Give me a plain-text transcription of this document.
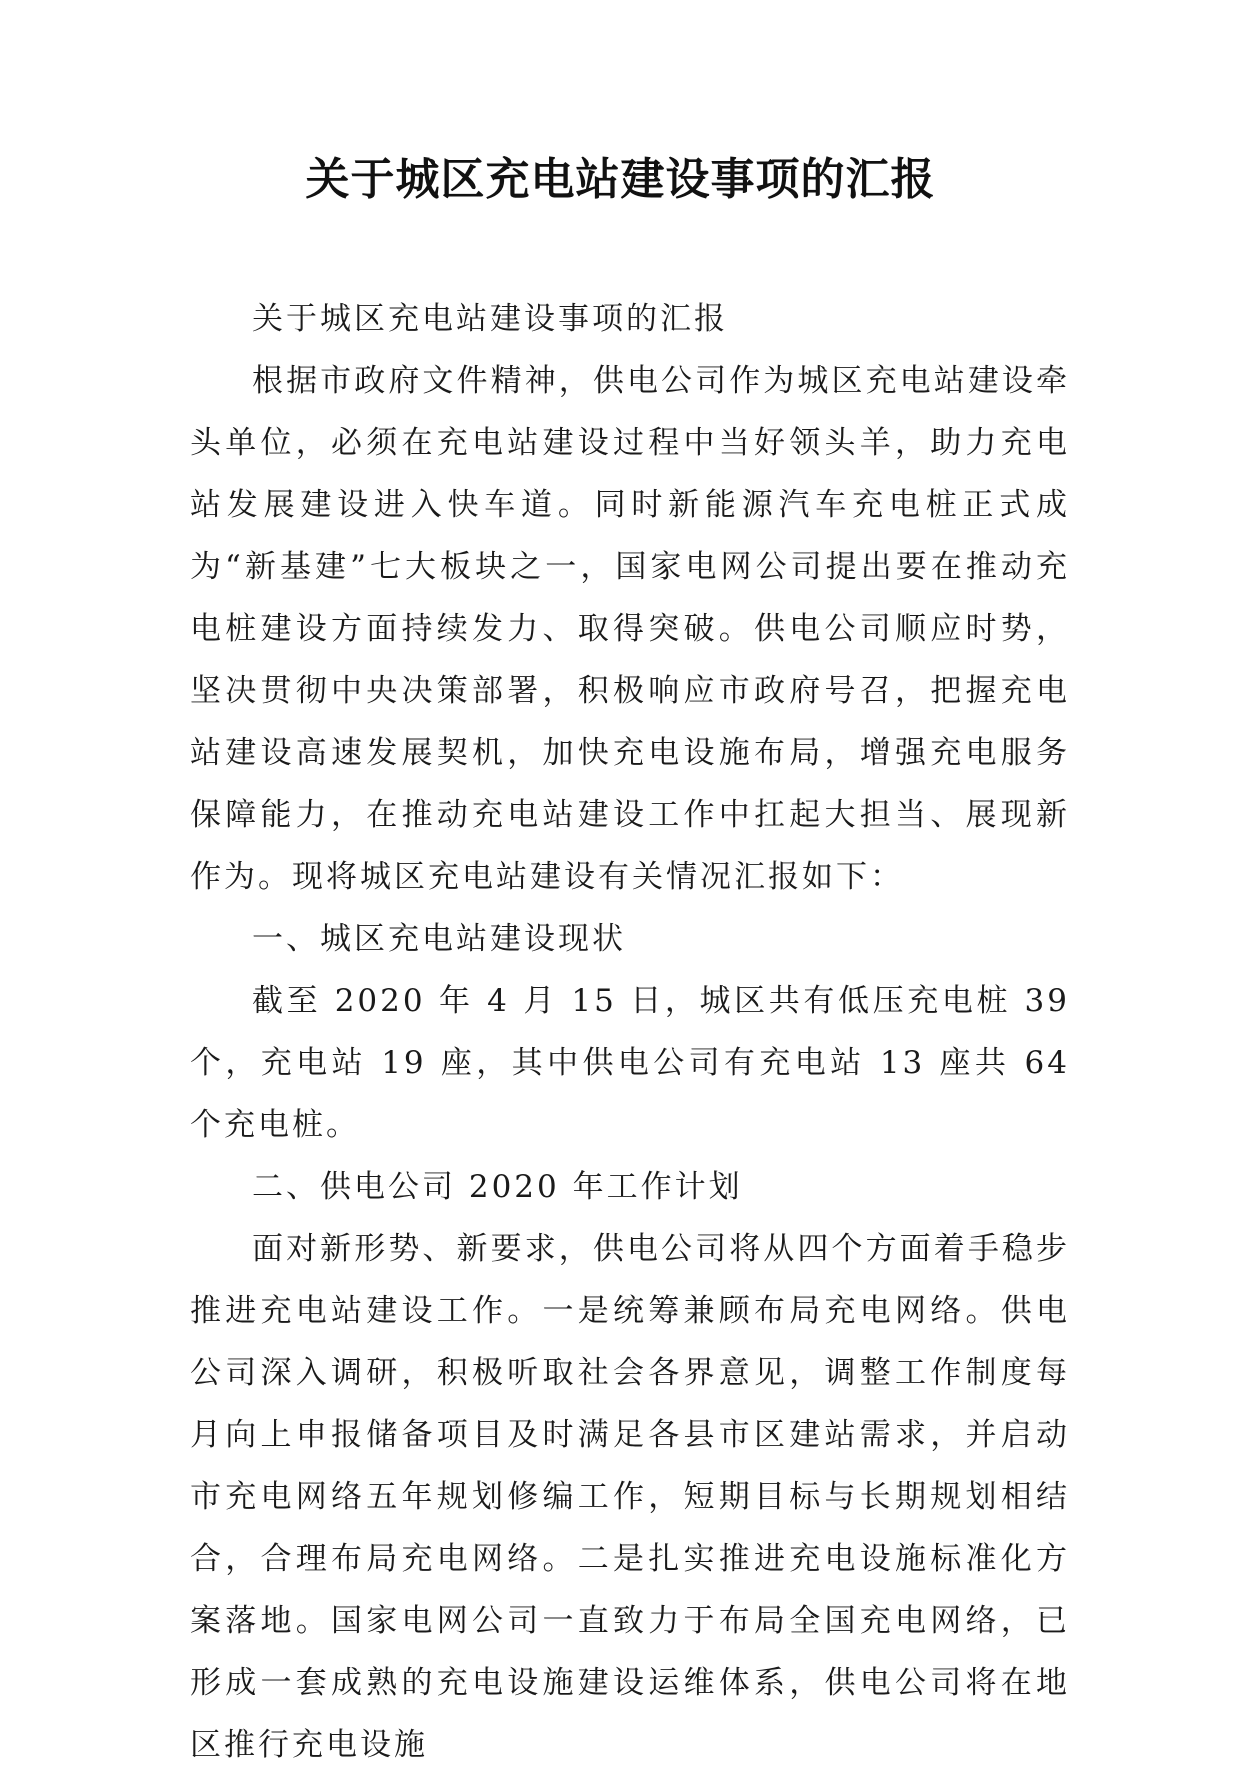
关于城区充电站建设事项的汇报

关于城区充电站建设事项的汇报

根据市政府文件精神，供电公司作为城区充电站建设牵头单位，必须在充电站建设过程中当好领头羊，助力充电站发展建设进入快车道。同时新能源汽车充电桩正式成为“新基建”七大板块之一，国家电网公司提出要在推动充电桩建设方面持续发力、取得突破。供电公司顺应时势，坚决贯彻中央决策部署，积极响应市政府号召，把握充电站建设高速发展契机，加快充电设施布局，增强充电服务保障能力，在推动充电站建设工作中扛起大担当、展现新作为。现将城区充电站建设有关情况汇报如下：

一、城区充电站建设现状

截至 2020 年 4 月 15 日，城区共有低压充电桩 39 个，充电站 19 座，其中供电公司有充电站 13 座共 64 个充电桩。

二、供电公司 2020 年工作计划

面对新形势、新要求，供电公司将从四个方面着手稳步推进充电站建设工作。一是统筹兼顾布局充电网络。供电公司深入调研，积极听取社会各界意见，调整工作制度每月向上申报储备项目及时满足各县市区建站需求，并启动市充电网络五年规划修编工作，短期目标与长期规划相结合，合理布局充电网络。二是扎实推进充电设施标准化方案落地。国家电网公司一直致力于布局全国充电网络，已形成一套成熟的充电设施建设运维体系，供电公司将在地区推行充电设施
